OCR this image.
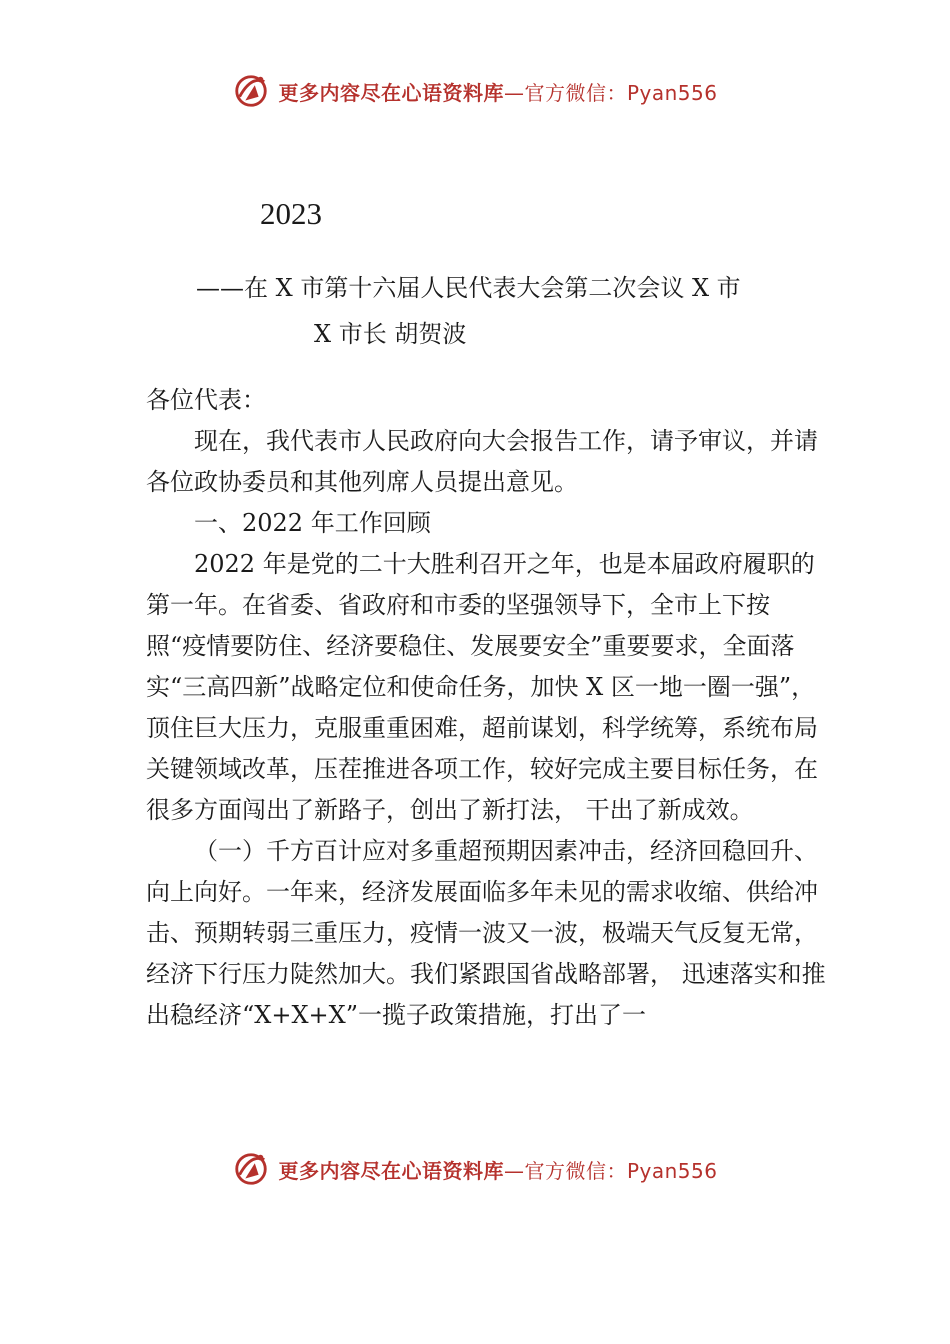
更多内容尽在心语资料库—官方微信：Pyan556
2023
——在 X 市第十六届人民代表大会第二次会议 X 市
X 市长 胡贺波

各位代表：

现在，我代表市人民政府向大会报告工作，请予审议，并请各位政协委员和其他列席人员提出意见。

一、2022 年工作回顾

2022 年是党的二十大胜利召开之年，也是本届政府履职的第一年。在省委、省政府和市委的坚强领导下，全市上下按照“疫情要防住、经济要稳住、发展要安全”重要要求，全面落实“三高四新”战略定位和使命任务，加快 X 区一地一圈一强”，顶住巨大压力，克服重重困难，超前谋划，科学统筹，系统布局关键领域改革，压茬推进各项工作，较好完成主要目标任务，在很多方面闯出了新路子，创出了新打法， 干出了新成效。

（一）千方百计应对多重超预期因素冲击，经济回稳回升、向上向好。一年来，经济发展面临多年未见的需求收缩、供给冲击、预期转弱三重压力，疫情一波又一波，极端天气反复无常，经济下行压力陡然加大。我们紧跟国省战略部署， 迅速落实和推出稳经济“X+X+X”一揽子政策措施，打出了一

更多内容尽在心语资料库—官方微信：Pyan556
